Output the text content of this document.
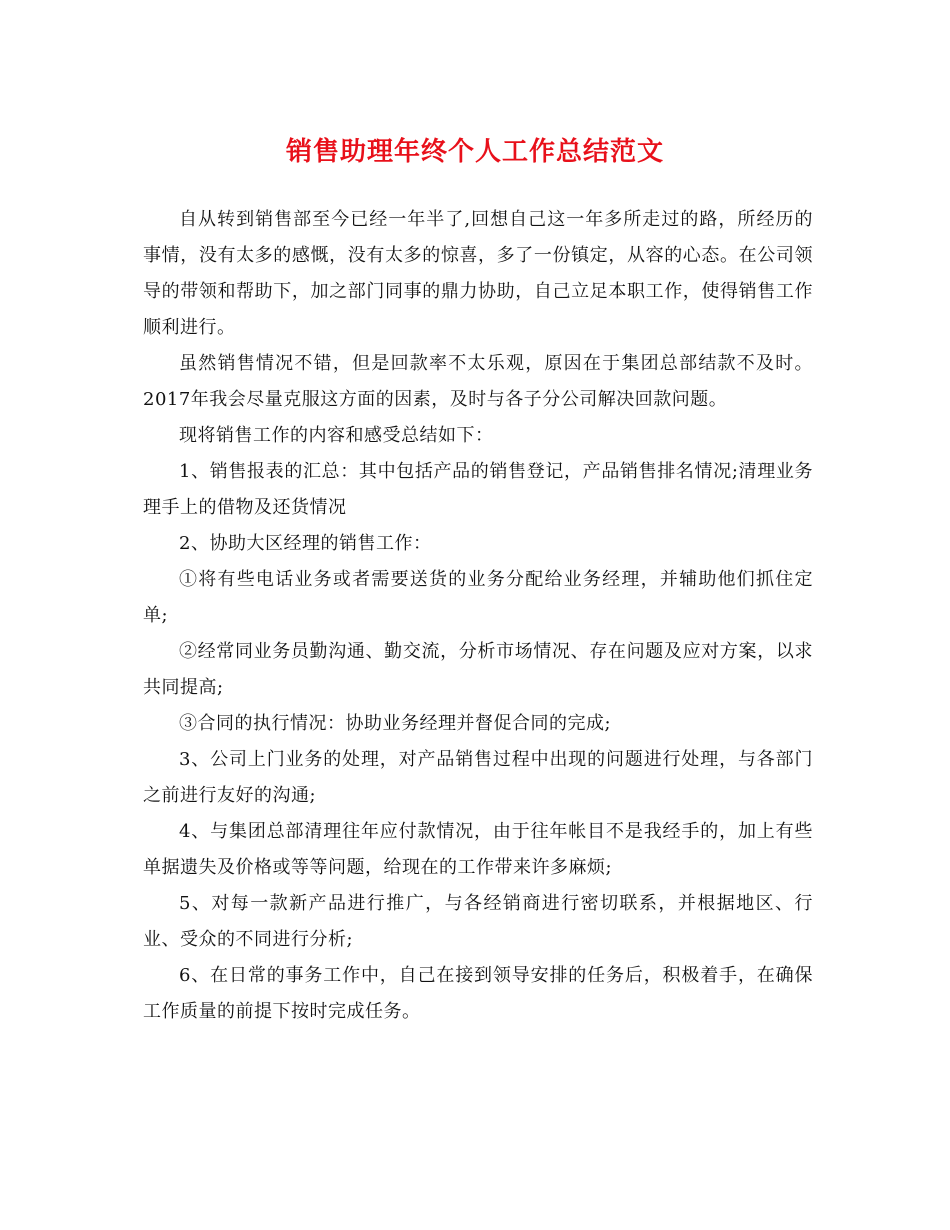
销售助理年终个人工作总结范文

自从转到销售部至今已经一年半了,回想自己这一年多所走过的路，所经历的事情，没有太多的感慨，没有太多的惊喜，多了一份镇定，从容的心态。在公司领导的带领和帮助下，加之部门同事的鼎力协助，自己立足本职工作，使得销售工作顺利进行。

虽然销售情况不错，但是回款率不太乐观，原因在于集团总部结款不及时。2017年我会尽量克服这方面的因素，及时与各子分公司解决回款问题。

现将销售工作的内容和感受总结如下：

1、销售报表的汇总：其中包括产品的销售登记，产品销售排名情况;清理业务 理手上的借物及还货情况

2、协助大区经理的销售工作：

①将有些电话业务或者需要送货的业务分配给业务经理，并辅助他们抓住定单;

②经常同业务员勤沟通、勤交流，分析市场情况、存在问题及应对方案，以求共同提高;

③合同的执行情况：协助业务经理并督促合同的完成;

3、公司上门业务的处理，对产品销售过程中出现的问题进行处理，与各部门之前进行友好的沟通;

4、与集团总部清理往年应付款情况，由于往年帐目不是我经手的，加上有些单据遗失及价格或等等问题，给现在的工作带来许多麻烦;

5、对每一款新产品进行推广，与各经销商进行密切联系，并根据地区、行业、受众的不同进行分析;

6、在日常的事务工作中，自己在接到领导安排的任务后，积极着手，在确保工作质量的前提下按时完成任务。
